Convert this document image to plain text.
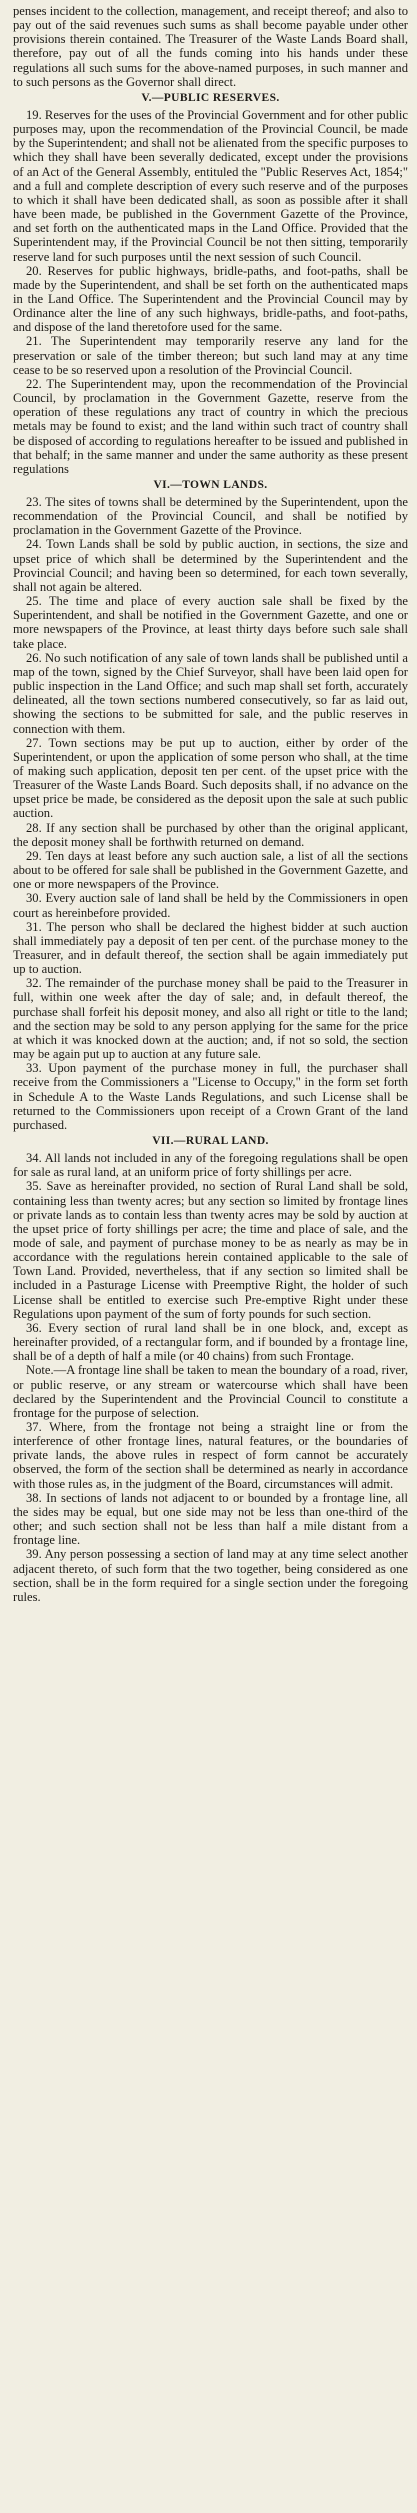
penses incident to the collection, management, and receipt thereof; and also to pay out of the said revenues such sums as shall become payable under other provisions therein contained. The Treasurer of the Waste Lands Board shall, therefore, pay out of all the funds coming into his hands under these regulations all such sums for the above-named purposes, in such manner and to such persons as the Governor shall direct.

V.—PUBLIC RESERVES.

19. Reserves for the uses of the Provincial Government and for other public purposes may, upon the recommendation of the Provincial Council, be made by the Superintendent; and shall not be alienated from the specific purposes to which they shall have been severally dedicated, except under the provisions of an Act of the General Assembly, entituled the "Public Reserves Act, 1854;" and a full and complete description of every such reserve and of the purposes to which it shall have been dedicated shall, as soon as possible after it shall have been made, be published in the Government Gazette of the Province, and set forth on the authenticated maps in the Land Office. Provided that the Superintendent may, if the Provincial Council be not then sitting, temporarily reserve land for such purposes until the next session of such Council.

20. Reserves for public highways, bridle-paths, and foot-paths, shall be made by the Superintendent, and shall be set forth on the authenticated maps in the Land Office. The Superintendent and the Provincial Council may by Ordinance alter the line of any such highways, bridle-paths, and foot-paths, and dispose of the land theretofore used for the same.

21. The Superintendent may temporarily reserve any land for the preservation or sale of the timber thereon; but such land may at any time cease to be so reserved upon a resolution of the Provincial Council.

22. The Superintendent may, upon the recommendation of the Provincial Council, by proclamation in the Government Gazette, reserve from the operation of these regulations any tract of country in which the precious metals may be found to exist; and the land within such tract of country shall be disposed of according to regulations hereafter to be issued and published in that behalf; in the same manner and under the same authority as these present regulations

VI.—TOWN LANDS.

23. The sites of towns shall be determined by the Superintendent, upon the recommendation of the Provincial Council, and shall be notified by proclamation in the Government Gazette of the Province.

24. Town Lands shall be sold by public auction, in sections, the size and upset price of which shall be determined by the Superintendent and the Provincial Council; and having been so determined, for each town severally, shall not again be altered.

25. The time and place of every auction sale shall be fixed by the Superintendent, and shall be notified in the Government Gazette, and one or more newspapers of the Province, at least thirty days before such sale shall take place.

26. No such notification of any sale of town lands shall be published until a map of the town, signed by the Chief Surveyor, shall have been laid open for public inspection in the Land Office; and such map shall set forth, accurately delineated, all the town sections numbered consecutively, so far as laid out, showing the sections to be submitted for sale, and the public reserves in connection with them.

27. Town sections may be put up to auction, either by order of the Superintendent, or upon the application of some person who shall, at the time of making such application, deposit ten per cent. of the upset price with the Treasurer of the Waste Lands Board. Such deposits shall, if no advance on the upset price be made, be considered as the deposit upon the sale at such public auction.

28. If any section shall be purchased by other than the original applicant, the deposit money shall be forthwith returned on demand.

29. Ten days at least before any such auction sale, a list of all the sections about to be offered for sale shall be published in the Government Gazette, and one or more newspapers of the Province.

30. Every auction sale of land shall be held by the Commissioners in open court as hereinbefore provided.

31. The person who shall be declared the highest bidder at such auction shall immediately pay a deposit of ten per cent. of the purchase money to the Treasurer, and in default thereof, the section shall be again immediately put up to auction.

32. The remainder of the purchase money shall be paid to the Treasurer in full, within one week after the day of sale; and, in default thereof, the purchase shall forfeit his deposit money, and also all right or title to the land; and the section may be sold to any person applying for the same for the price at which it was knocked down at the auction; and, if not so sold, the section may be again put up to auction at any future sale.

33. Upon payment of the purchase money in full, the purchaser shall receive from the Commissioners a "License to Occupy," in the form set forth in Schedule A to the Waste Lands Regulations, and such License shall be returned to the Commissioners upon receipt of a Crown Grant of the land purchased.

VII.—RURAL LAND.

34. All lands not included in any of the foregoing regulations shall be open for sale as rural land, at an uniform price of forty shillings per acre.

35. Save as hereinafter provided, no section of Rural Land shall be sold, containing less than twenty acres; but any section so limited by frontage lines or private lands as to contain less than twenty acres may be sold by auction at the upset price of forty shillings per acre; the time and place of sale, and the mode of sale, and payment of purchase money to be as nearly as may be in accordance with the regulations herein contained applicable to the sale of Town Land. Provided, nevertheless, that if any section so limited shall be included in a Pasturage License with Preemptive Right, the holder of such License shall be entitled to exercise such Pre-emptive Right under these Regulations upon payment of the sum of forty pounds for such section.

36. Every section of rural land shall be in one block, and, except as hereinafter provided, of a rectangular form, and if bounded by a frontage line, shall be of a depth of half a mile (or 40 chains) from such Frontage.

Note.—A frontage line shall be taken to mean the boundary of a road, river, or public reserve, or any stream or watercourse which shall have been declared by the Superintendent and the Provincial Council to constitute a frontage for the purpose of selection.

37. Where, from the frontage not being a straight line or from the interference of other frontage lines, natural features, or the boundaries of private lands, the above rules in respect of form cannot be accurately observed, the form of the section shall be determined as nearly in accordance with those rules as, in the judgment of the Board, circumstances will admit.

38. In sections of lands not adjacent to or bounded by a frontage line, all the sides may be equal, but one side may not be less than one-third of the other; and such section shall not be less than half a mile distant from a frontage line.

39. Any person possessing a section of land may at any time select another adjacent thereto, of such form that the two together, being considered as one section, shall be in the form required for a single section under the foregoing rules.
